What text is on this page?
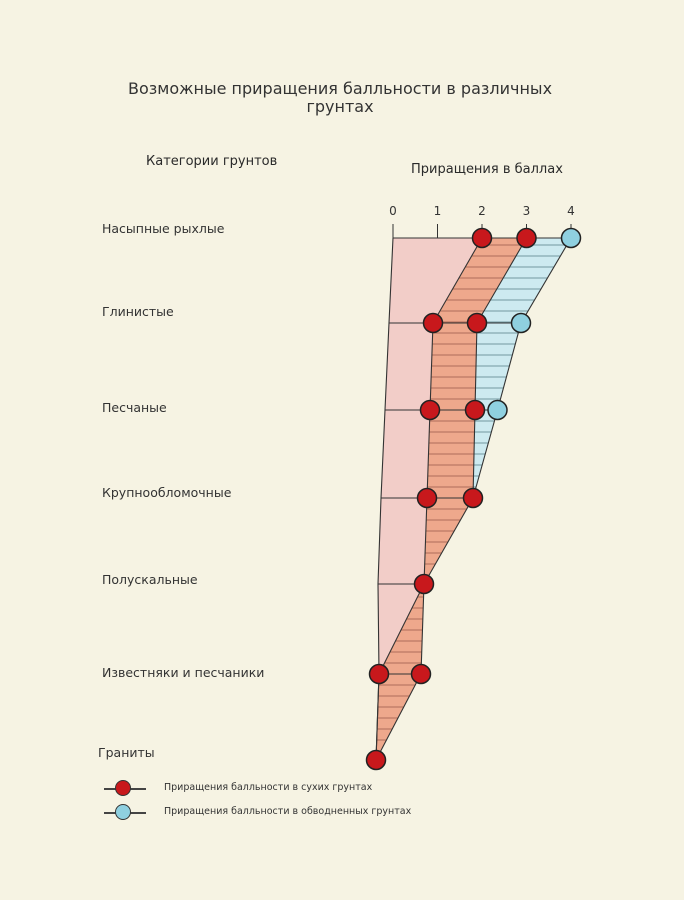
Возможные приращения балльности в различных грунтах
Категории грунтов
Приращения в баллах
Насыпные рыхлые
Глинистые
Песчаные
Крупнообломочные
Полускальные
Известняки и песчаники
Граниты
0	1	2	3	4
Приращения балльности в сухих грунтах
Приращения балльности в обводненных грунтах
